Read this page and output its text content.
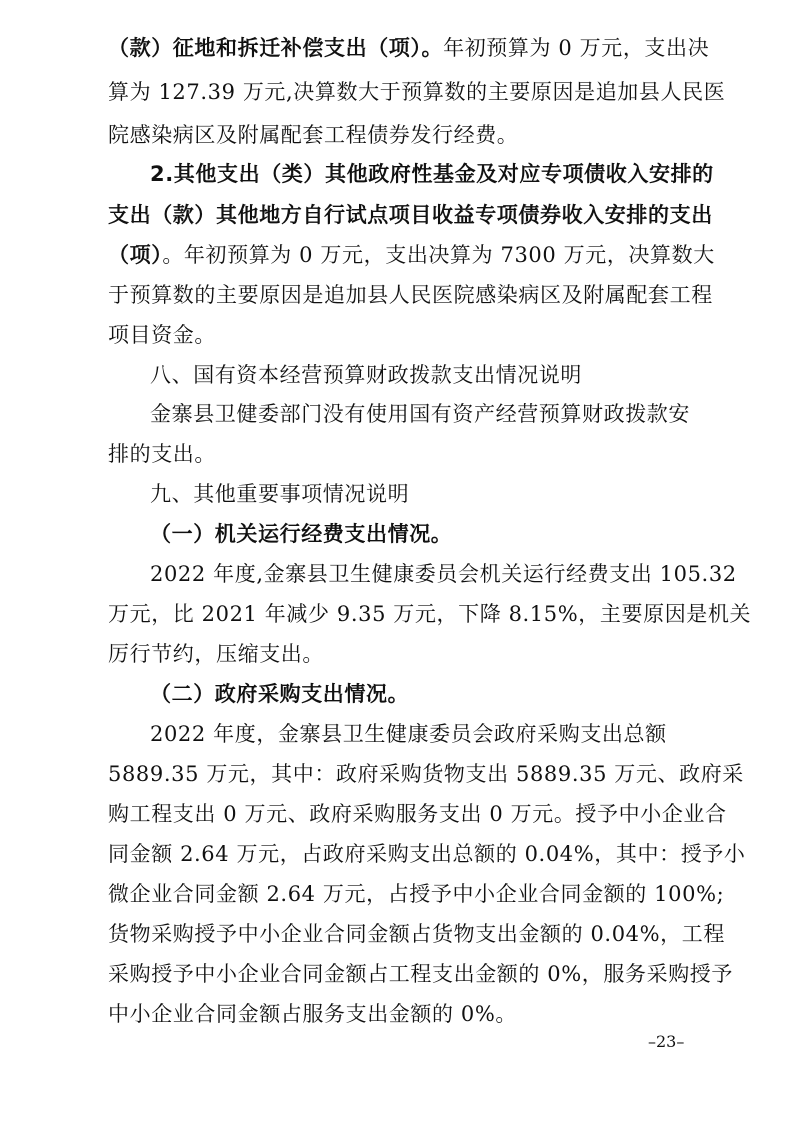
（款）征地和拆迁补偿支出（项）。年初预算为 0 万元，支出决
算为 127.39 万元,决算数大于预算数的主要原因是追加县人民医
院感染病区及附属配套工程债券发行经费。
2.其他支出（类）其他政府性基金及对应专项债收入安排的
支出（款）其他地方自行试点项目收益专项债券收入安排的支出
（项）。年初预算为 0 万元，支出决算为 7300 万元，决算数大
于预算数的主要原因是追加县人民医院感染病区及附属配套工程
项目资金。
八、国有资本经营预算财政拨款支出情况说明
金寨县卫健委部门没有使用国有资产经营预算财政拨款安
排的支出。
九、其他重要事项情况说明
（一）机关运行经费支出情况。
2022 年度,金寨县卫生健康委员会机关运行经费支出 105.32
万元，比 2021 年减少 9.35 万元，下降 8.15%，主要原因是机关
厉行节约，压缩支出。
（二）政府采购支出情况。
2022 年度，金寨县卫生健康委员会政府采购支出总额
5889.35 万元，其中：政府采购货物支出 5889.35 万元、政府采
购工程支出 0 万元、政府采购服务支出 0 万元。授予中小企业合
同金额 2.64 万元，占政府采购支出总额的 0.04%，其中：授予小
微企业合同金额 2.64 万元，占授予中小企业合同金额的 100%;
货物采购授予中小企业合同金额占货物支出金额的 0.04%，工程
采购授予中小企业合同金额占工程支出金额的 0%，服务采购授予
中小企业合同金额占服务支出金额的 0%。
–23–
